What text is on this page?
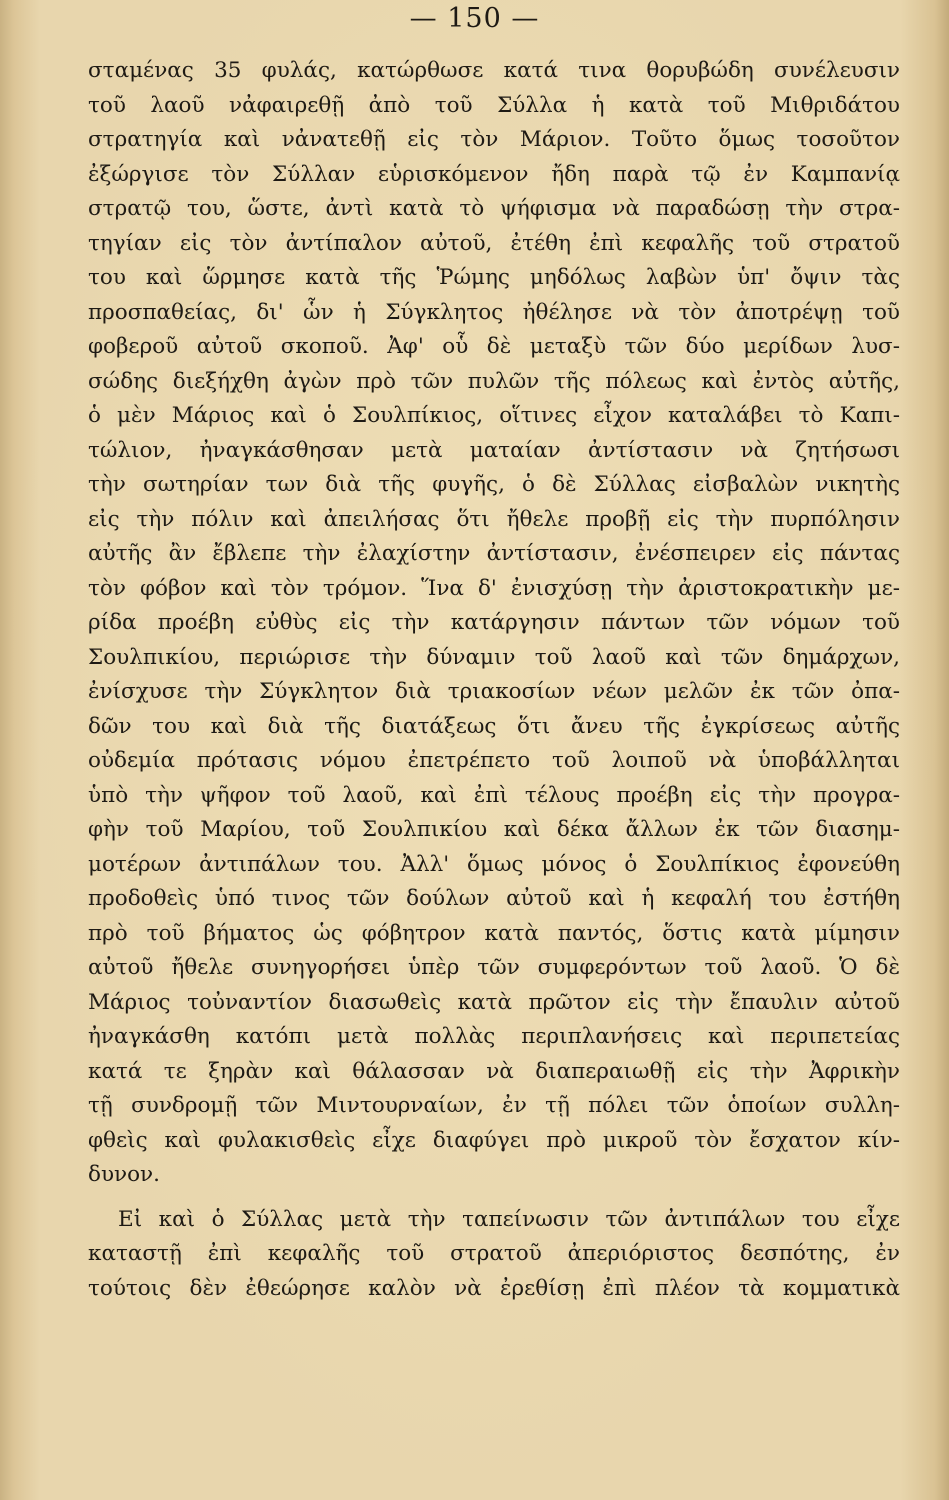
— 150 —
σταμένας 35 φυλάς, κατώρθωσε κατά τινα θορυβώδη συνέλευσιν
τοῦ λαοῦ νἀφαιρεθῇ ἀπὸ τοῦ Σύλλα ἡ κατὰ τοῦ Μιθριδάτου
στρατηγία καὶ νἀνατεθῇ εἰς τὸν Μάριον. Τοῦτο ὅμως τοσοῦτον
ἐξώργισε τὸν Σύλλαν εὑρισκόμενον ἤδη παρὰ τῷ ἐν Καμπανίᾳ
στρατῷ του, ὥστε, ἀντὶ κατὰ τὸ ψήφισμα νὰ παραδώσῃ τὴν στρα-
τηγίαν εἰς τὸν ἀντίπαλον αὐτοῦ, ἐτέθη ἐπὶ κεφαλῆς τοῦ στρατοῦ
του καὶ ὥρμησε κατὰ τῆς Ῥώμης μηδόλως λαβὼν ὑπ' ὄψιν τὰς
προσπαθείας, δι' ὧν ἡ Σύγκλητος ἠθέλησε νὰ τὸν ἀποτρέψῃ τοῦ
φοβεροῦ αὐτοῦ σκοποῦ. Ἀφ' οὗ δὲ μεταξὺ τῶν δύο μερίδων λυσ-
σώδης διεξήχθη ἀγὼν πρὸ τῶν πυλῶν τῆς πόλεως καὶ ἐντὸς αὐτῆς,
ὁ μὲν Μάριος καὶ ὁ Σουλπίκιος, οἵτινες εἶχον καταλάβει τὸ Καπι-
τώλιον, ἠναγκάσθησαν μετὰ ματαίαν ἀντίστασιν νὰ ζητήσωσι
τὴν σωτηρίαν των διὰ τῆς φυγῆς, ὁ δὲ Σύλλας εἰσβαλὼν νικητὴς
εἰς τὴν πόλιν καὶ ἀπειλήσας ὅτι ἤθελε προβῇ εἰς τὴν πυρπόλησιν
αὐτῆς ἂν ἔβλεπε τὴν ἐλαχίστην ἀντίστασιν, ἐνέσπειρεν εἰς πάντας
τὸν φόβον καὶ τὸν τρόμον. Ἵνα δ' ἐνισχύσῃ τὴν ἀριστοκρατικὴν με-
ρίδα προέβη εὐθὺς εἰς τὴν κατάργησιν πάντων τῶν νόμων τοῦ
Σουλπικίου, περιώρισε τὴν δύναμιν τοῦ λαοῦ καὶ τῶν δημάρχων,
ἐνίσχυσε τὴν Σύγκλητον διὰ τριακοσίων νέων μελῶν ἐκ τῶν ὀπα-
δῶν του καὶ διὰ τῆς διατάξεως ὅτι ἄνευ τῆς ἐγκρίσεως αὐτῆς
οὐδεμία πρότασις νόμου ἐπετρέπετο τοῦ λοιποῦ νὰ ὑποβάλληται
ὑπὸ τὴν ψῆφον τοῦ λαοῦ, καὶ ἐπὶ τέλους προέβη εἰς τὴν προγρα-
φὴν τοῦ Μαρίου, τοῦ Σουλπικίου καὶ δέκα ἄλλων ἐκ τῶν διασημ-
μοτέρων ἀντιπάλων του. Ἀλλ' ὅμως μόνος ὁ Σουλπίκιος ἐφονεύθη
προδοθεὶς ὑπό τινος τῶν δούλων αὐτοῦ καὶ ἡ κεφαλή του ἐστήθη
πρὸ τοῦ βήματος ὡς φόβητρον κατὰ παντός, ὅστις κατὰ μίμησιν
αὐτοῦ ἤθελε συνηγορήσει ὑπὲρ τῶν συμφερόντων τοῦ λαοῦ. Ὁ δὲ
Μάριος τοὐναντίον διασωθεὶς κατὰ πρῶτον εἰς τὴν ἔπαυλιν αὐτοῦ
ἠναγκάσθη κατόπι μετὰ πολλὰς περιπλανήσεις καὶ περιπετείας
κατά τε ξηρὰν καὶ θάλασσαν νὰ διαπεραιωθῇ εἰς τὴν Ἀφρικὴν
τῇ συνδρομῇ τῶν Μιντουρναίων, ἐν τῇ πόλει τῶν ὁποίων συλλη-
φθεὶς καὶ φυλακισθεὶς εἶχε διαφύγει πρὸ μικροῦ τὸν ἔσχατον κίν-
δυνον.
Εἰ καὶ ὁ Σύλλας μετὰ τὴν ταπείνωσιν τῶν ἀντιπάλων του εἶχε
καταστῇ ἐπὶ κεφαλῆς τοῦ στρατοῦ ἀπεριόριστος δεσπότης, ἐν
τούτοις δὲν ἐθεώρησε καλὸν νὰ ἐρεθίσῃ ἐπὶ πλέον τὰ κομματικὰ
